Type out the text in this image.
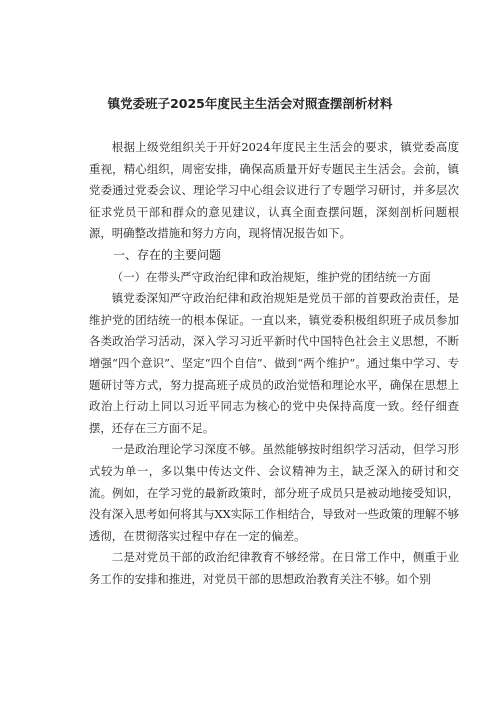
镇党委班子2025年度民主生活会对照查摆剖析材料

根据上级党组织关于开好2024年度民主生活会的要求，镇党委高度重视，精心组织，周密安排，确保高质量开好专题民主生活会。会前，镇党委通过党委会议、理论学习中心组会议进行了专题学习研讨，并多层次征求党员干部和群众的意见建议，认真全面查摆问题，深刻剖析问题根源，明确整改措施和努力方向，现将情况报告如下。

一、存在的主要问题

（一）在带头严守政治纪律和政治规矩，维护党的团结统一方面

镇党委深知严守政治纪律和政治规矩是党员干部的首要政治责任，是维护党的团结统一的根本保证。一直以来，镇党委积极组织班子成员参加各类政治学习活动，深入学习习近平新时代中国特色社会主义思想，不断增强“四个意识”、坚定“四个自信”、做到“两个维护”。通过集中学习、专题研讨等方式，努力提高班子成员的政治觉悟和理论水平，确保在思想上政治上行动上同以习近平同志为核心的党中央保持高度一致。经仔细查摆，还存在三方面不足。

一是政治理论学习深度不够。虽然能够按时组织学习活动，但学习形式较为单一，多以集中传达文件、会议精神为主，缺乏深入的研讨和交流。例如，在学习党的最新政策时，部分班子成员只是被动地接受知识，没有深入思考如何将其与XX实际工作相结合，导致对一些政策的理解不够透彻，在贯彻落实过程中存在一定的偏差。

二是对党员干部的政治纪律教育不够经常。在日常工作中，侧重于业务工作的安排和推进，对党员干部的思想政治教育关注不够。如个别
